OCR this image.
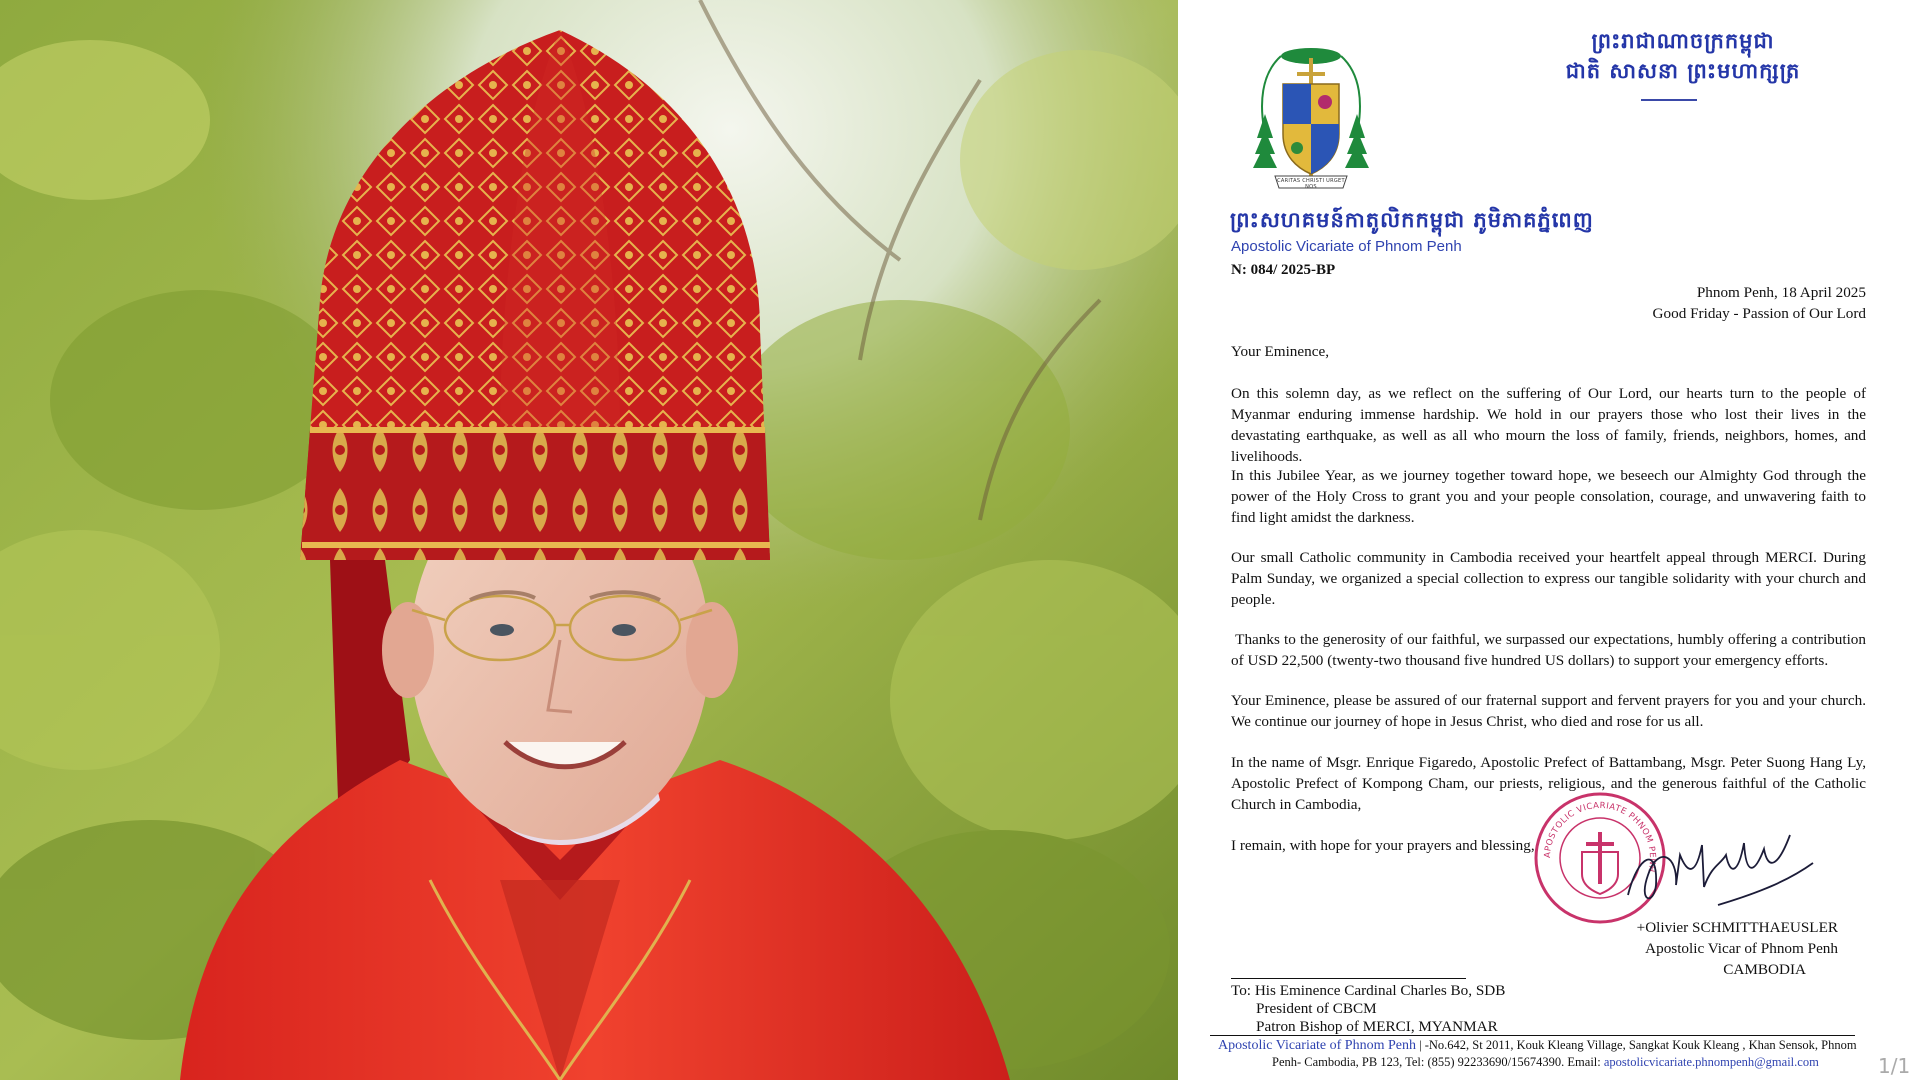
CARITAS CHRISTI URGET NOS
ព្រះរាជាណាចក្រកម្ពុជា
ជាតិ សាសនា ព្រះមហាក្សត្រ
ព្រះសហគមន៍កាតូលិកកម្ពុជា ភូមិភាគភ្នំពេញ
Apostolic Vicariate of Phnom Penh
N: 084/ 2025-BP
Phnom Penh, 18 April 2025
Good Friday - Passion of Our Lord
Your Eminence,
On this solemn day, as we reflect on the suffering of Our Lord, our hearts turn to the people of Myanmar enduring immense hardship. We hold in our prayers those who lost their lives in the devastating earthquake, as well as all who mourn the loss of family, friends, neighbors, homes, and livelihoods.
In this Jubilee Year, as we journey together toward hope, we beseech our Almighty God through the power of the Holy Cross to grant you and your people consolation, courage, and unwavering faith to find light amidst the darkness.
Our small Catholic community in Cambodia received your heartfelt appeal through MERCI. During Palm Sunday, we organized a special collection to express our tangible solidarity with your church and people.
Thanks to the generosity of our faithful, we surpassed our expectations, humbly offering a contribution of USD 22,500 (twenty-two thousand five hundred US dollars) to support your emergency efforts.
Your Eminence, please be assured of our fraternal support and fervent prayers for you and your church. We continue our journey of hope in Jesus Christ, who died and rose for us all.
In the name of Msgr. Enrique Figaredo, Apostolic Prefect of Battambang, Msgr. Peter Suong Hang Ly, Apostolic Prefect of Kompong Cham, our priests, religious, and the generous faithful of the Catholic Church in Cambodia,
I remain, with hope for your prayers and blessing,
APOSTOLIC VICARIATE PHNOM PENH
+Olivier SCHMITTHAEUSLER
Apostolic Vicar of Phnom Penh
CAMBODIA
To: His Eminence Cardinal Charles Bo, SDB
President of CBCM
Patron Bishop of MERCI, MYANMAR
Apostolic Vicariate of Phnom Penh | -No.642, St 2011, Kouk Kleang Village, Sangkat Kouk Kleang , Khan Sensok, Phnom
Penh- Cambodia, PB 123, Tel: (855) 92233690/15674390. Email: apostolicvicariate.phnompenh@gmail.com	1/1
